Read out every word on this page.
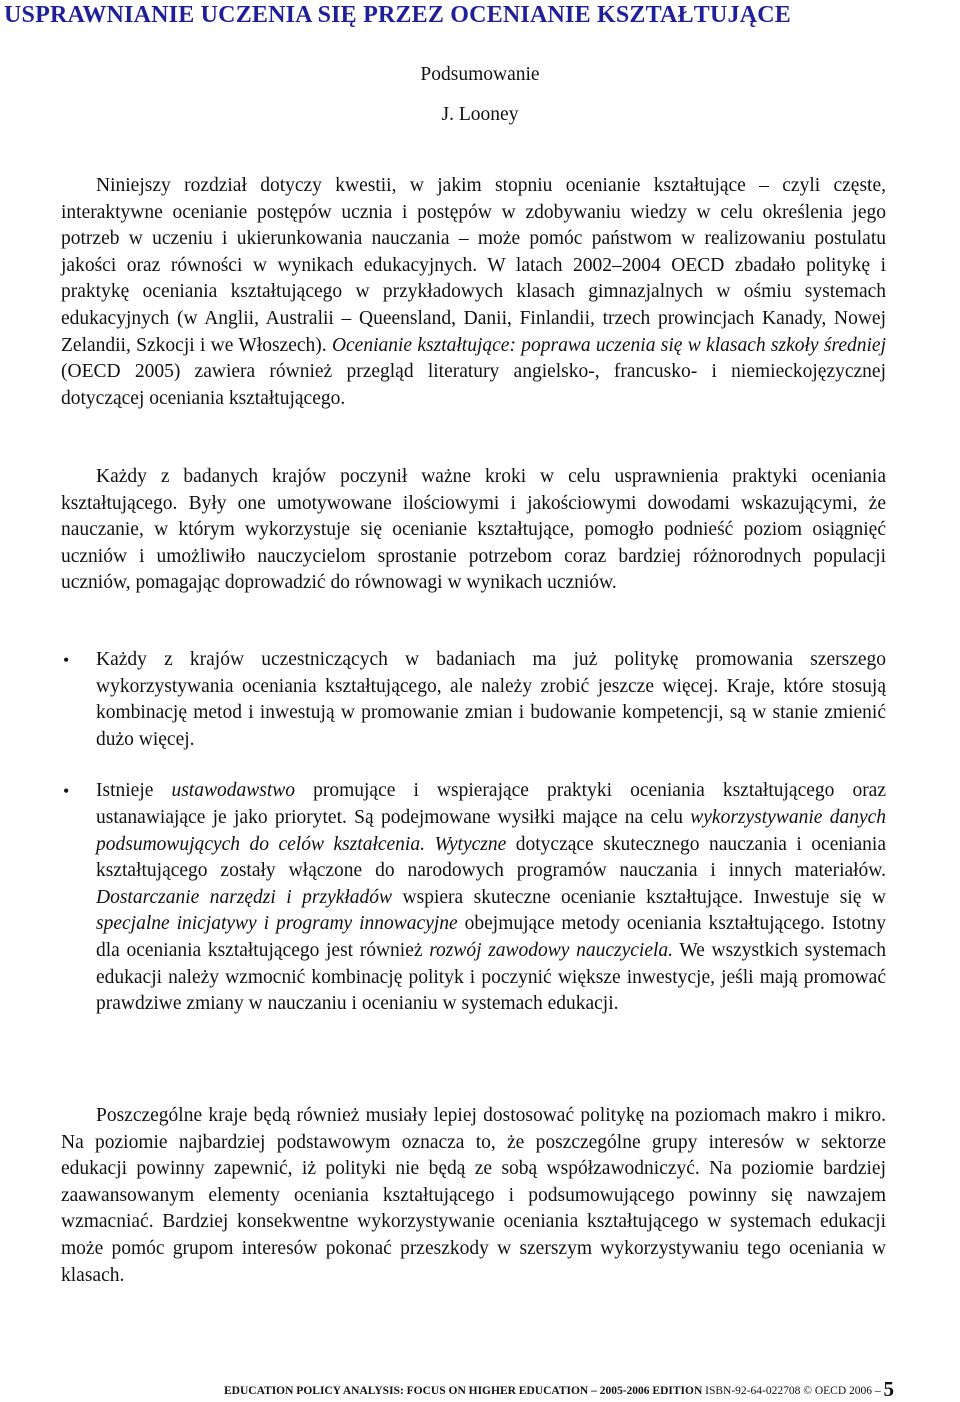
USPRAWNIANIE UCZENIA SIĘ PRZEZ OCENIANIE KSZTAŁTUJĄCE

Podsumowanie

J. Looney

Niniejszy rozdział dotyczy kwestii, w jakim stopniu ocenianie kształtujące – czyli częste, interaktywne ocenianie postępów ucznia i postępów w zdobywaniu wiedzy w celu określenia jego potrzeb w uczeniu i ukierunkowania nauczania – może pomóc państwom w realizowaniu postulatu jakości oraz równości w wynikach edukacyjnych. W latach 2002–2004 OECD zbadało politykę i praktykę oceniania kształtującego w przykładowych klasach gimnazjalnych w ośmiu systemach edukacyjnych (w Anglii, Australii – Queensland, Danii, Finlandii, trzech prowincjach Kanady, Nowej Zelandii, Szkocji i we Włoszech). Ocenianie kształtujące: poprawa uczenia się w klasach szkoły średniej (OECD 2005) zawiera również przegląd literatury angielsko-, francusko- i niemieckojęzycznej dotyczącej oceniania kształtującego.

Każdy z badanych krajów poczynił ważne kroki w celu usprawnienia praktyki oceniania kształtującego. Były one umotywowane ilościowymi i jakościowymi dowodami wskazującymi, że nauczanie, w którym wykorzystuje się ocenianie kształtujące, pomogło podnieść poziom osiągnięć uczniów i umożliwiło nauczycielom sprostanie potrzebom coraz bardziej różnorodnych populacji uczniów, pomagając doprowadzić do równowagi w wynikach uczniów.

• Każdy z krajów uczestniczących w badaniach ma już politykę promowania szerszego wykorzystywania oceniania kształtującego, ale należy zrobić jeszcze więcej. Kraje, które stosują kombinację metod i inwestują w promowanie zmian i budowanie kompetencji, są w stanie zmienić dużo więcej.
• Istnieje ustawodawstwo promujące i wspierające praktyki oceniania kształtującego oraz ustanawiające je jako priorytet. Są podejmowane wysiłki mające na celu wykorzystywanie danych podsumowujących do celów kształcenia. Wytyczne dotyczące skutecznego nauczania i oceniania kształtującego zostały włączone do narodowych programów nauczania i innych materiałów. Dostarczanie narzędzi i przykładów wspiera skuteczne ocenianie kształtujące. Inwestuje się w specjalne inicjatywy i programy innowacyjne obejmujące metody oceniania kształtującego. Istotny dla oceniania kształtującego jest również rozwój zawodowy nauczyciela. We wszystkich systemach edukacji należy wzmocnić kombinację polityk i poczynić większe inwestycje, jeśli mają promować prawdziwe zmiany w nauczaniu i ocenianiu w systemach edukacji.

Poszczególne kraje będą również musiały lepiej dostosować politykę na poziomach makro i mikro. Na poziomie najbardziej podstawowym oznacza to, że poszczególne grupy interesów w sektorze edukacji powinny zapewnić, iż polityki nie będą ze sobą współzawodniczyć. Na poziomie bardziej zaawansowanym elementy oceniania kształtującego i podsumowującego powinny się nawzajem wzmacniać. Bardziej konsekwentne wykorzystywanie oceniania kształtującego w systemach edukacji może pomóc grupom interesów pokonać przeszkody w szerszym wykorzystywaniu tego oceniania w klasach.

EDUCATION POLICY ANALYSIS: FOCUS ON HIGHER EDUCATION – 2005-2006 EDITION ISBN-92-64-022708 © OECD 2006 – 5
